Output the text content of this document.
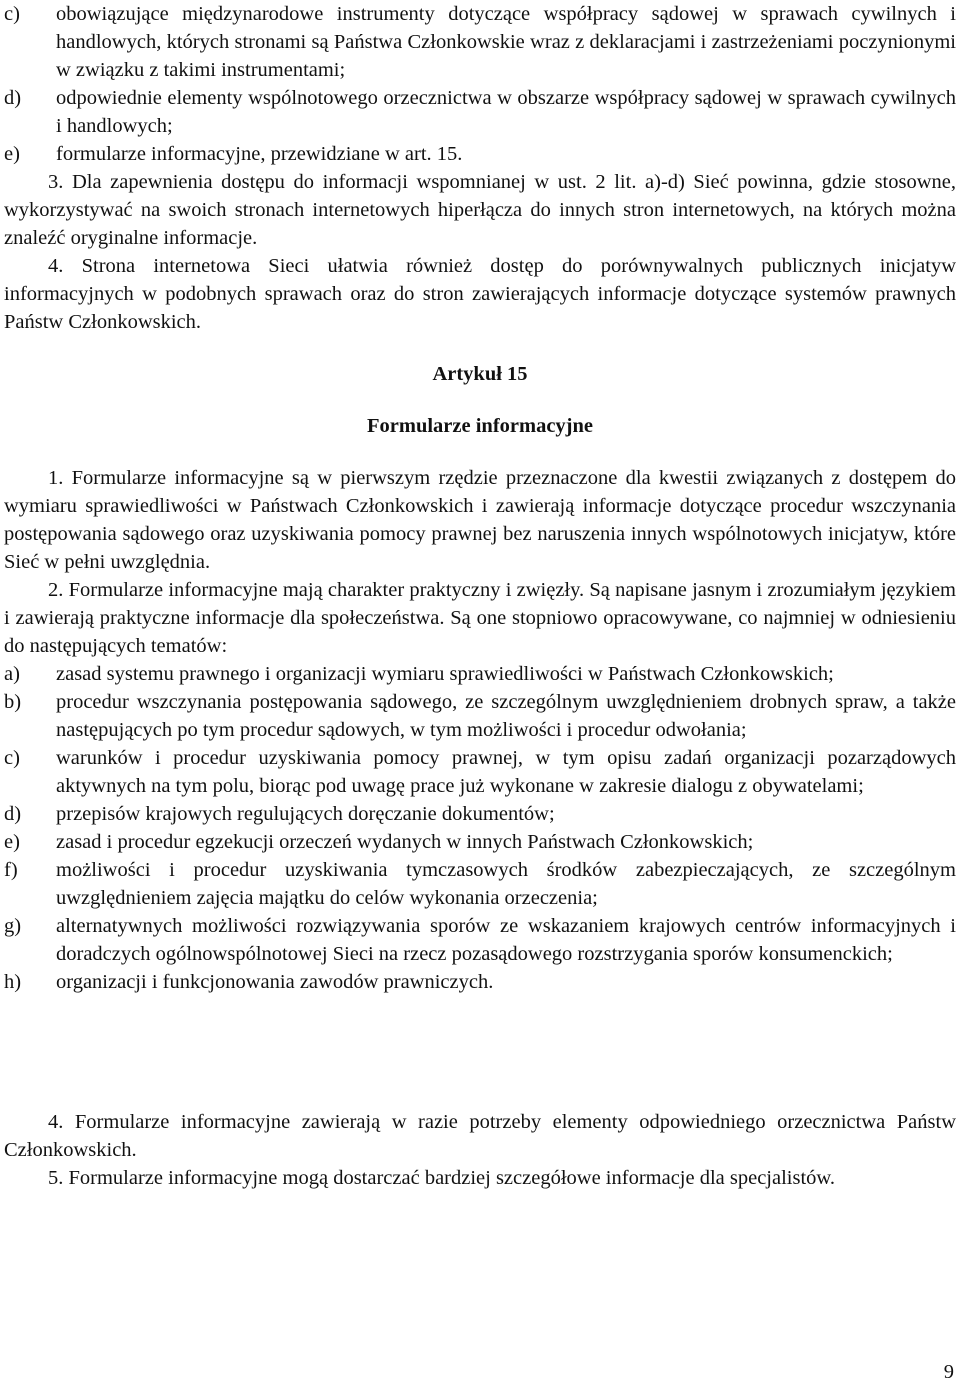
c)	obowiązujące międzynarodowe instrumenty dotyczące współpracy sądowej w sprawach cywilnych i handlowych, których stronami są Państwa Członkowskie wraz z deklaracjami i zastrzeżeniami poczynionymi w związku z takimi instrumentami;
d)	odpowiednie elementy wspólnotowego orzecznictwa w obszarze współpracy sądowej w sprawach cywilnych i handlowych;
e)	formularze informacyjne, przewidziane w art. 15.

3. Dla zapewnienia dostępu do informacji wspomnianej w ust. 2 lit. a)-d) Sieć powinna, gdzie stosowne, wykorzystywać na swoich stronach internetowych hiperłącza do innych stron internetowych, na których można znaleźć oryginalne informacje.

4. Strona internetowa Sieci ułatwia również dostęp do porównywalnych publicznych inicjatyw informacyjnych w podobnych sprawach oraz do stron zawierających informacje dotyczące systemów prawnych Państw Członkowskich.

Artykuł 15

Formularze informacyjne

1. Formularze informacyjne są w pierwszym rzędzie przeznaczone dla kwestii związanych z dostępem do wymiaru sprawiedliwości w Państwach Członkowskich i zawierają informacje dotyczące procedur wszczynania postępowania sądowego oraz uzyskiwania pomocy prawnej bez naruszenia innych wspólnotowych inicjatyw, które Sieć w pełni uwzględnia.

2. Formularze informacyjne mają charakter praktyczny i zwięzły. Są napisane jasnym i zrozumiałym językiem i zawierają praktyczne informacje dla społeczeństwa. Są one stopniowo opracowywane, co najmniej w odniesieniu do następujących tematów:

a)	zasad systemu prawnego i organizacji wymiaru sprawiedliwości w Państwach Członkowskich;
b)	procedur wszczynania postępowania sądowego, ze szczególnym uwzględnieniem drobnych spraw, a także następujących po tym procedur sądowych, w tym możliwości i procedur odwołania;
c)	warunków i procedur uzyskiwania pomocy prawnej, w tym opisu zadań organizacji pozarządowych aktywnych na tym polu, biorąc pod uwagę prace już wykonane w zakresie dialogu z obywatelami;
d)	przepisów krajowych regulujących doręczanie dokumentów;
e)	zasad i procedur egzekucji orzeczeń wydanych w innych Państwach Członkowskich;
f)	możliwości i procedur uzyskiwania tymczasowych środków zabezpieczających, ze szczególnym uwzględnieniem zajęcia majątku do celów wykonania orzeczenia;
g)	alternatywnych możliwości rozwiązywania sporów ze wskazaniem krajowych centrów informacyjnych i doradczych ogólnowspólnotowej Sieci na rzecz pozasądowego rozstrzygania sporów konsumenckich;
h)	organizacji i funkcjonowania zawodów prawniczych.

4. Formularze informacyjne zawierają w razie potrzeby elementy odpowiedniego orzecznictwa Państw Członkowskich.

5. Formularze informacyjne mogą dostarczać bardziej szczegółowe informacje dla specjalistów.

9
